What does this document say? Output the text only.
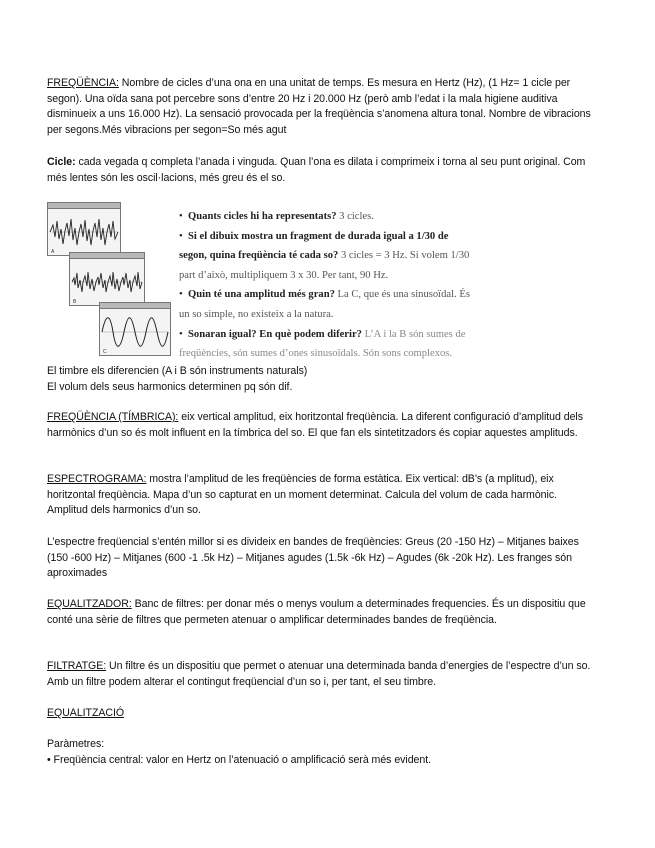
FREQÜÈNCIA: Nombre de cicles d’una ona en una unitat de temps. Es mesura en Hertz (Hz), (1 Hz= 1 cicle per segon). Una oïda sana pot percebre sons d’entre 20 Hz i 20.000 Hz (però amb l’edat i la mala higiene auditiva disminueix a uns 16.000 Hz). La sensació provocada per la freqüència s’anomena altura tonal. Nombre de vibracions per segons.Més vibracions per segon=So més agut
Cicle: cada vegada q completa l’anada i vinguda. Quan l’ona es dilata i comprimeix i torna al seu punt original. Com més lentes són les oscil·lacions, més greu és el so.
A
B
C
• Quants cicles hi ha representats? 3 cicles.
• Si el dibuix mostra un fragment de durada igual a 1/30 de segon, quina freqüència té cada so? 3 cicles = 3 Hz. Si volem 1/30 part d’això, multipliquem 3 x 30. Per tant, 90 Hz.
• Quin té una amplitud més gran? La C, que és una sinusoïdal. És un so simple, no existeix a la natura.
• Sonaran igual? En què podem diferir? L’A i la B són sumes de freqüències, són sumes d’ones sinusoïdals. Són sons complexos.
El timbre els diferencien (A i B són instruments naturals)
El volum dels seus harmonics determinen pq són dif.
FREQÜÈNCIA (TÍMBRICA): eix vertical amplitud, eix horitzontal freqüència. La diferent configuració d’amplitud dels harmònics d’un so és molt influent en la tímbrica del so. El que fan els sintetitzadors és copiar aquestes amplituds.
ESPECTROGRAMA: mostra l’amplitud de les freqüències de forma estàtica. Eix vertical: dB’s (a mplitud), eix horitzontal freqüència. Mapa d’un so capturat en un moment determinat. Calcula del volum de cada harmònic. Amplitud dels harmonics d’un so.
L’espectre freqüencial s’entén millor si es divideix en bandes de freqüències: Greus (20 -150 Hz) – Mitjanes baixes (150 -600 Hz) – Mitjanes (600 -1 .5k Hz) – Mitjanes agudes (1.5k -6k Hz) – Agudes (6k -20k Hz). Les franges són aproximades
EQUALITZADOR: Banc de filtres: per donar més o menys voulum a determinades frequencies. És un dispositiu que conté una sèrie de filtres que permeten atenuar o amplificar determinades bandes de freqüència.
FILTRATGE: Un filtre és un dispositiu que permet o atenuar una determinada banda d’energies de l’espectre d’un so. Amb un filtre podem alterar el contingut freqüencial d’un so i, per tant, el seu timbre.
EQUALITZACIÓ
Paràmetres:
• Freqüència central: valor en Hertz on l’atenuació o amplificació serà més evident.
